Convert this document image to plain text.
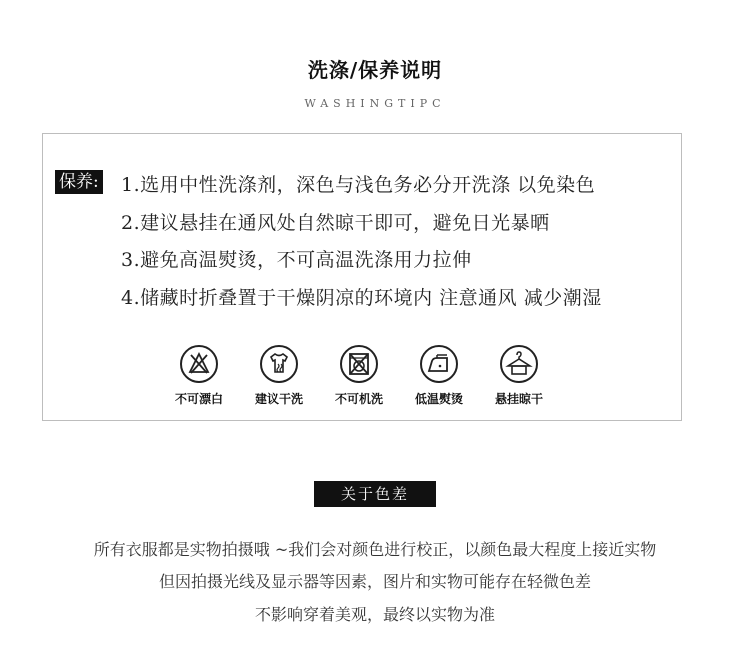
洗涤/保养说明
WASHINGTIPC
保养: 1.选用中性洗涤剂，深色与浅色务必分开洗涤 以免染色
2.建议悬挂在通风处自然晾干即可，避免日光暴晒
3.避免高温熨烫，不可高温洗涤用力拉伸
4.储藏时折叠置于干燥阴凉的环境内 注意通风 减少潮湿
不可漂白	建议干洗	不可机洗	低温熨烫	悬挂晾干
关于色差
所有衣服都是实物拍摄哦 ~我们会对颜色进行校正，以颜色最大程度上接近实物
但因拍摄光线及显示器等因素，图片和实物可能存在轻微色差
不影响穿着美观，最终以实物为准
